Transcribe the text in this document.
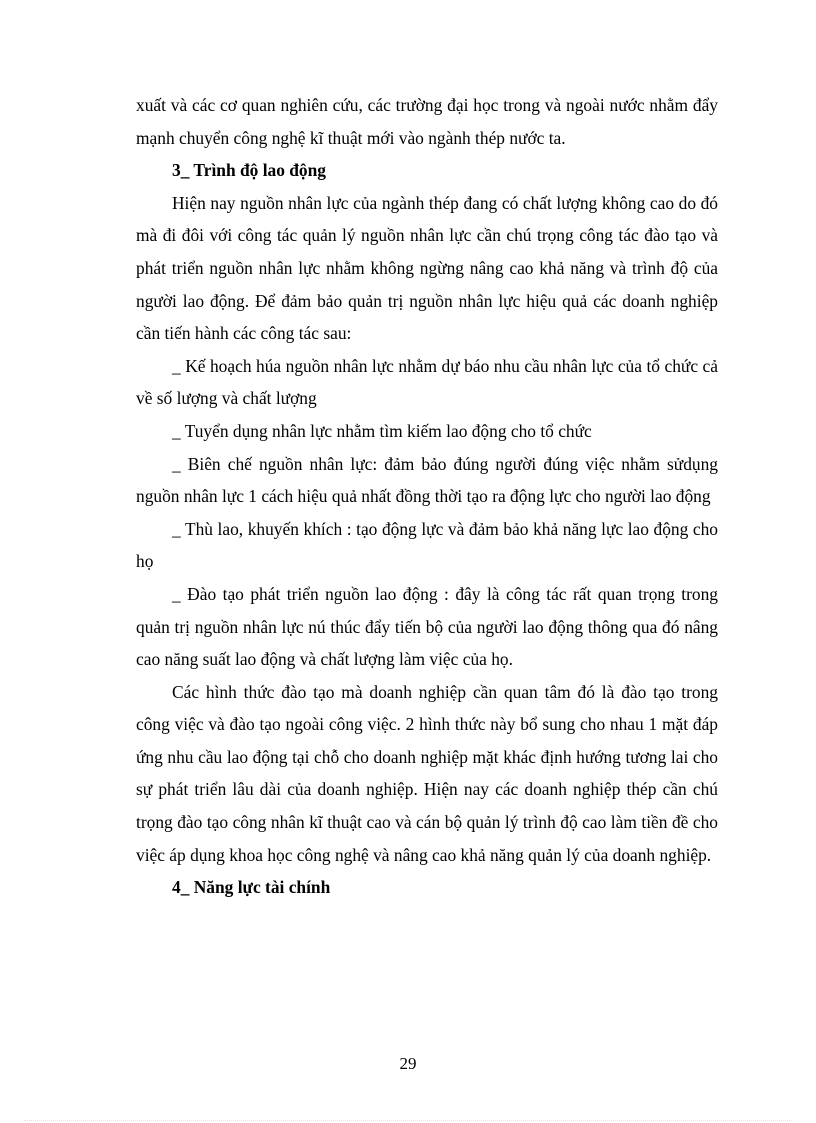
xuất và các cơ quan nghiên cứu, các trường đại học trong và ngoài nước nhằm đẩy mạnh chuyển công nghệ kĩ thuật mới vào ngành thép nước ta.

3_ Trình độ lao động

Hiện nay nguồn nhân lực của ngành thép đang có chất lượng không cao do đó mà đi đôi với công tác quản lý nguồn nhân lực cần chú trọng công tác đào tạo và phát triển nguồn nhân lực nhằm không ngừng nâng cao khả năng và trình độ của người lao động. Để đảm bảo quản trị nguồn nhân lực hiệu quả các doanh nghiệp cần tiến hành các công tác sau:

_ Kế hoạch húa nguồn nhân lực nhằm dự báo nhu cầu nhân lực của tổ chức cả về số lượng và chất lượng

_ Tuyển dụng nhân lực nhằm tìm kiếm lao động cho tổ chức

_ Biên chế nguồn nhân lực: đảm bảo đúng người đúng việc nhằm sửdụng nguồn nhân lực 1 cách hiệu quả nhất đồng thời tạo ra động lực cho người lao động

_ Thù lao, khuyến khích : tạo động lực và đảm bảo khả năng lực lao động cho họ

_ Đào tạo phát triển nguồn lao động : đây là công tác rất quan trọng trong quản trị nguồn nhân lực nú thúc đẩy tiến bộ của người lao động thông qua đó nâng cao năng suất lao động và chất lượng làm việc của họ.

Các hình thức đào tạo mà doanh nghiệp cần quan tâm đó là đào tạo trong công việc và đào tạo ngoài công việc. 2 hình thức này bổ sung cho nhau 1 mặt đáp ứng nhu cầu lao động tại chỗ cho doanh nghiệp mặt khác định hướng tương lai cho sự phát triển lâu dài của doanh nghiệp. Hiện nay các doanh nghiệp thép cần chú trọng đào tạo công nhân kĩ thuật cao và cán bộ quản lý trình độ cao làm tiền đề cho việc áp dụng khoa học công nghệ và nâng cao khả năng quản lý của doanh nghiệp.

4_ Năng lực tài chính

29
